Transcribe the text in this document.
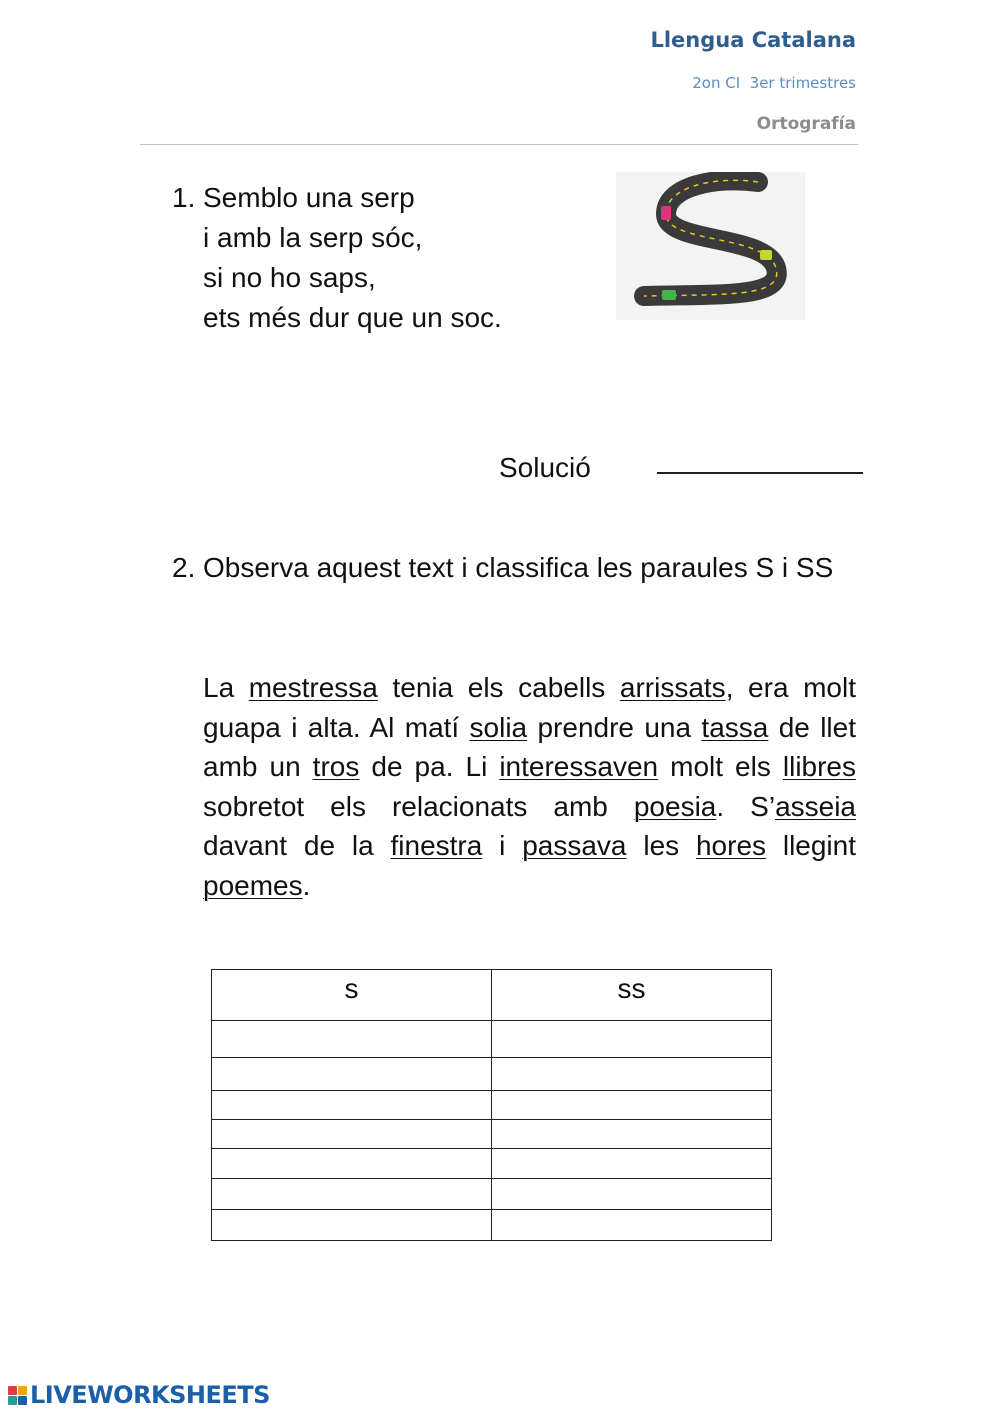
Llengua Catalana
2on CI  3er trimestres
Ortografía
1. Semblo una serp
i amb la serp sóc,
si no ho saps,
ets més dur que un soc.
Solució
2. Observa aquest text i classifica les paraules S i SS
La mestressa tenia els cabells arrissats, era molt guapa i alta. Al matí solia prendre una tassa de llet amb un tros de pa. Li interessaven molt els llibres sobretot els relacionats amb poesia. S’asseia davant de la finestra i passava les hores llegint poemes.
s	ss

LIVEWORKSHEETS
